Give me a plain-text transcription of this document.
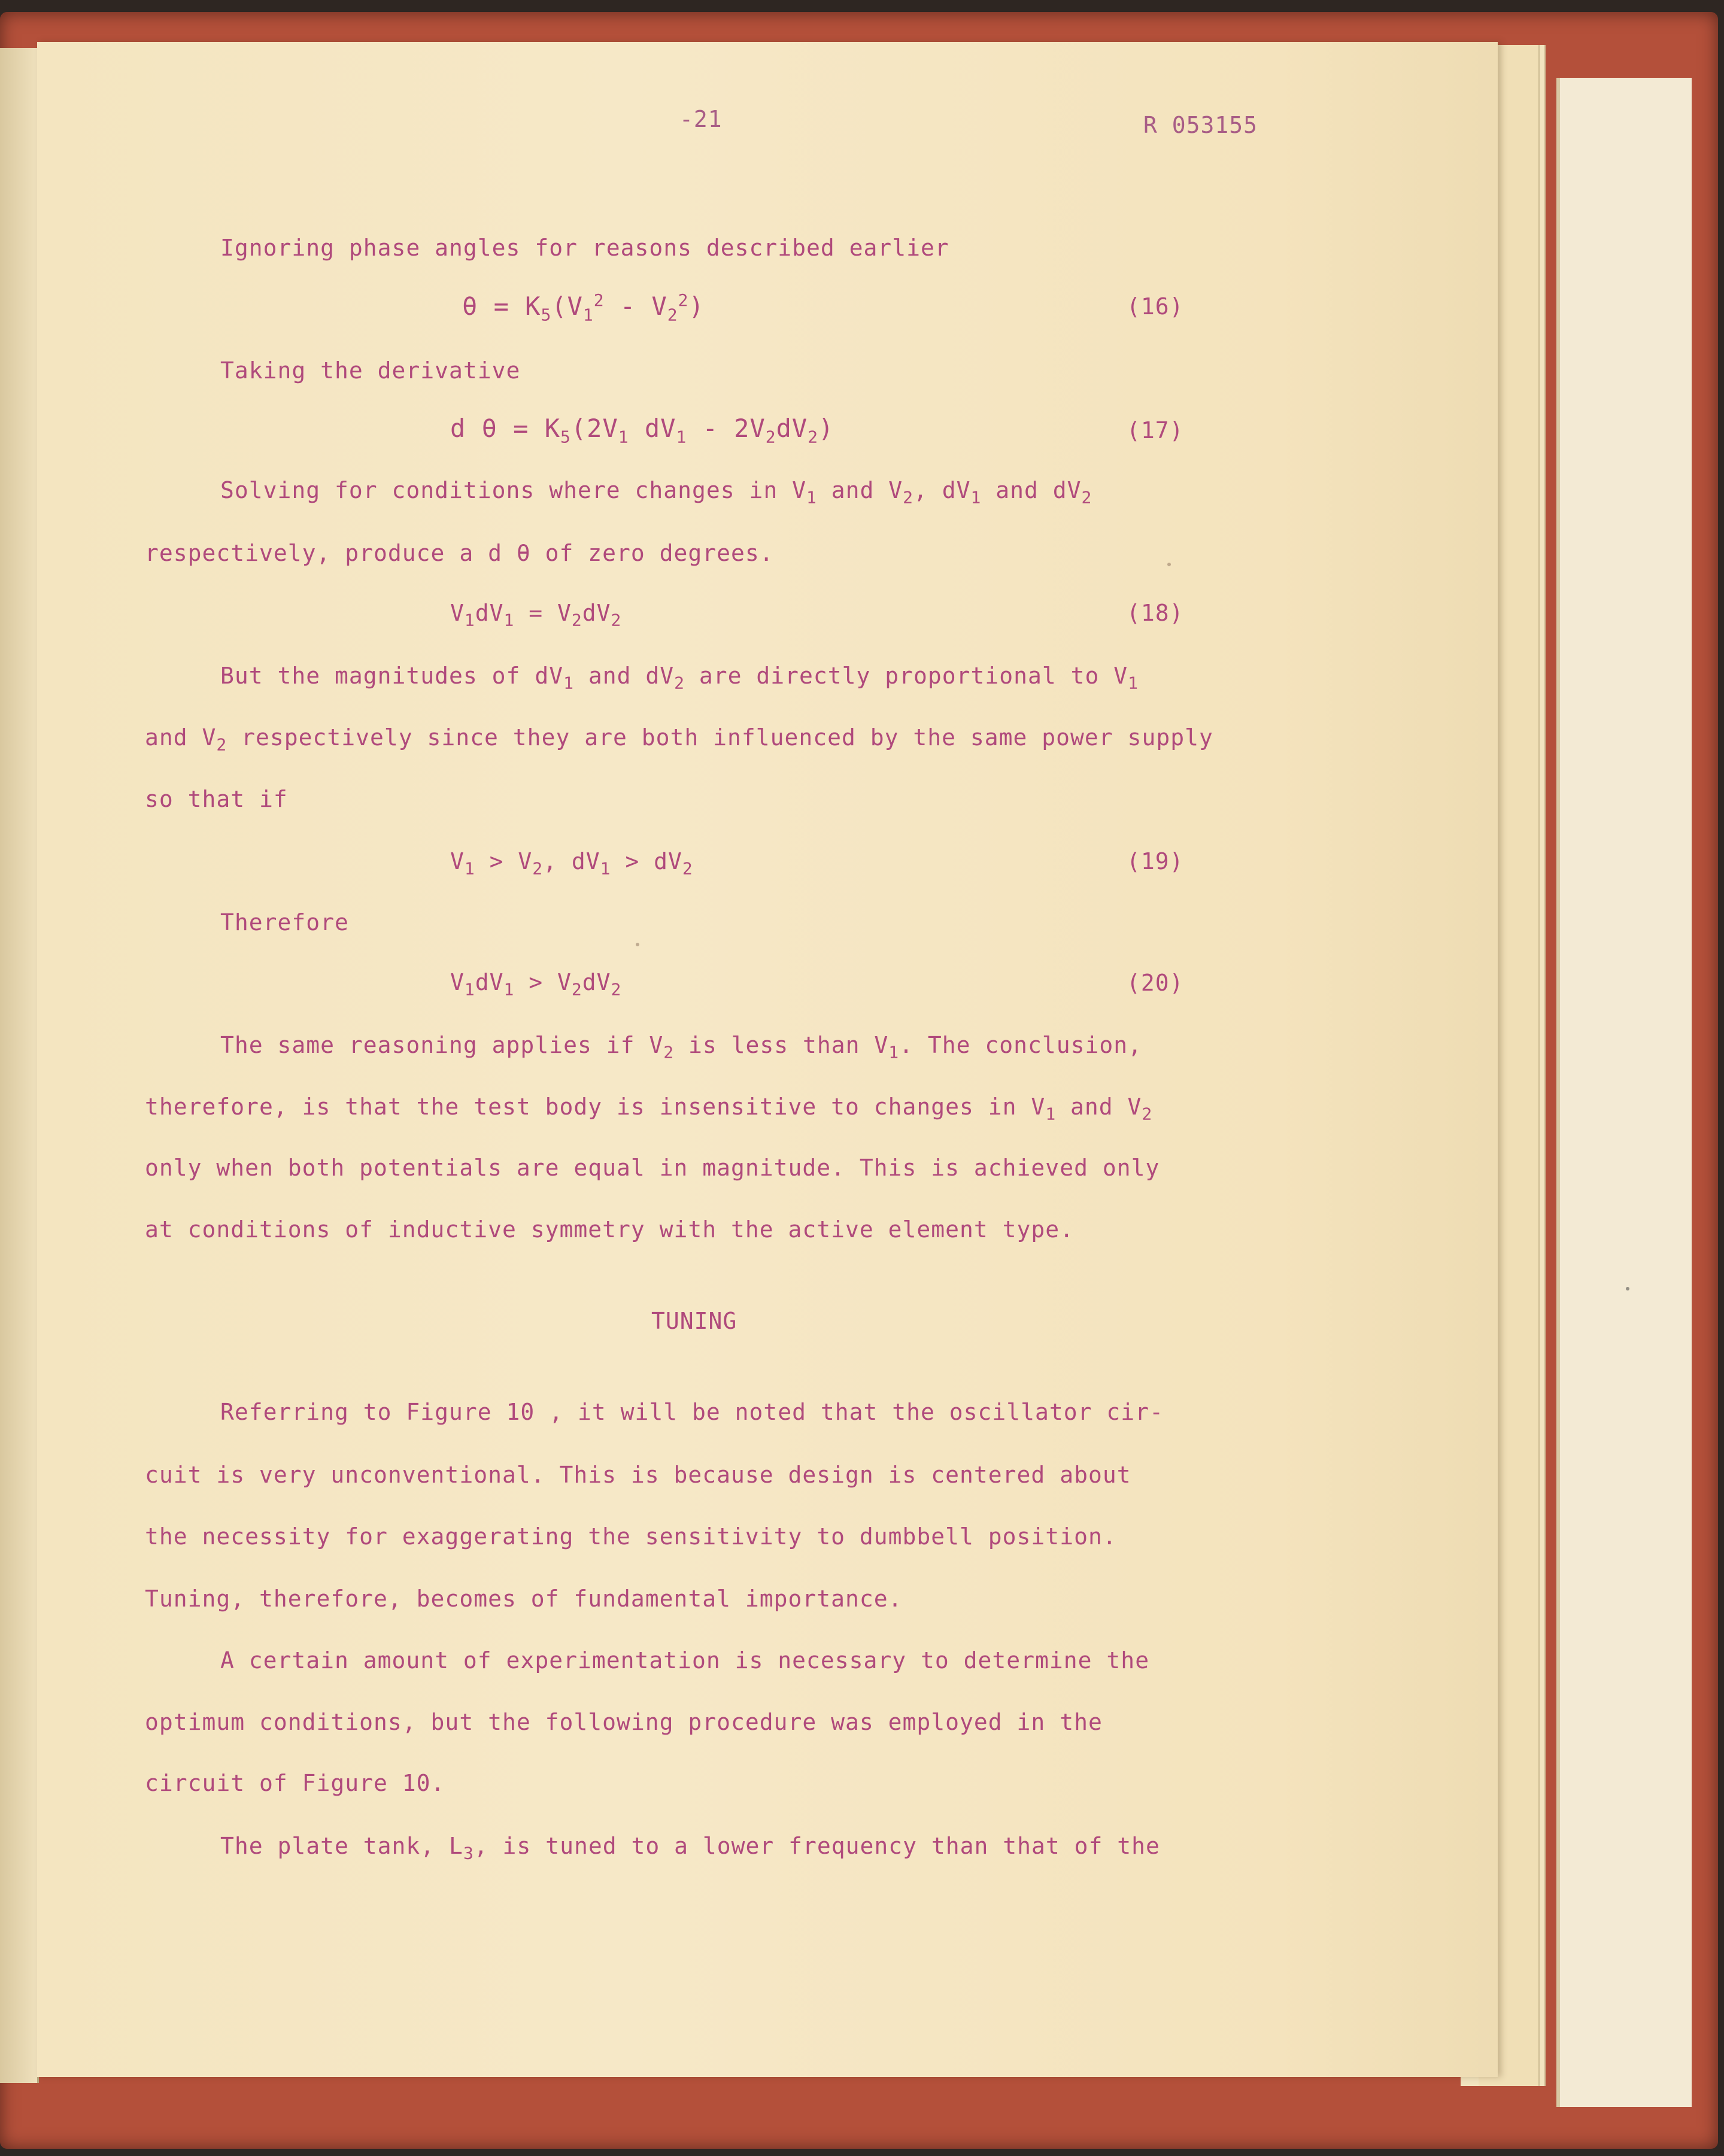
-21	R 053155
Ignoring phase angles for reasons described earlier
$\theta = K_5(V_1^2 - V_2^2)$	(16)
Taking the derivative
d $\theta = K_5(2V_1$ $dV_1 - 2V_2dV_2$)	(17)
Solving for conditions where changes in $V_1$ and $V_2$, $dV_1$ and $dV_2$
respectively, produce a d θ of zero degrees.
$V_1dV_1 = V_2dV_2$	(18)
But the magnitudes of $dV_1$ and $dV_2$ are directly proportional to $V_1$
and $V_2$ respectively since they are both influenced by the same power supply
so that if
$V_1 > V_2$, $dV_1 > dV_2$	(19)
Therefore
$V_1dV_1 > V_2dV_2$	(20)
The same reasoning applies if $V_2$ is less than $V_1$. The conclusion,
therefore, is that the test body is insensitive to changes in $V_1$ and $V_2$
only when both potentials are equal in magnitude. This is achieved only
at conditions of inductive symmetry with the active element type.
TUNING
Referring to Figure 10 , it will be noted that the oscillator cir-
cuit is very unconventional. This is because design is centered about
the necessity for exaggerating the sensitivity to dumbbell position.
Tuning, therefore, becomes of fundamental importance.
A certain amount of experimentation is necessary to determine the
optimum conditions, but the following procedure was employed in the
circuit of Figure 10.
The plate tank, $L_3$, is tuned to a lower frequency than that of the
